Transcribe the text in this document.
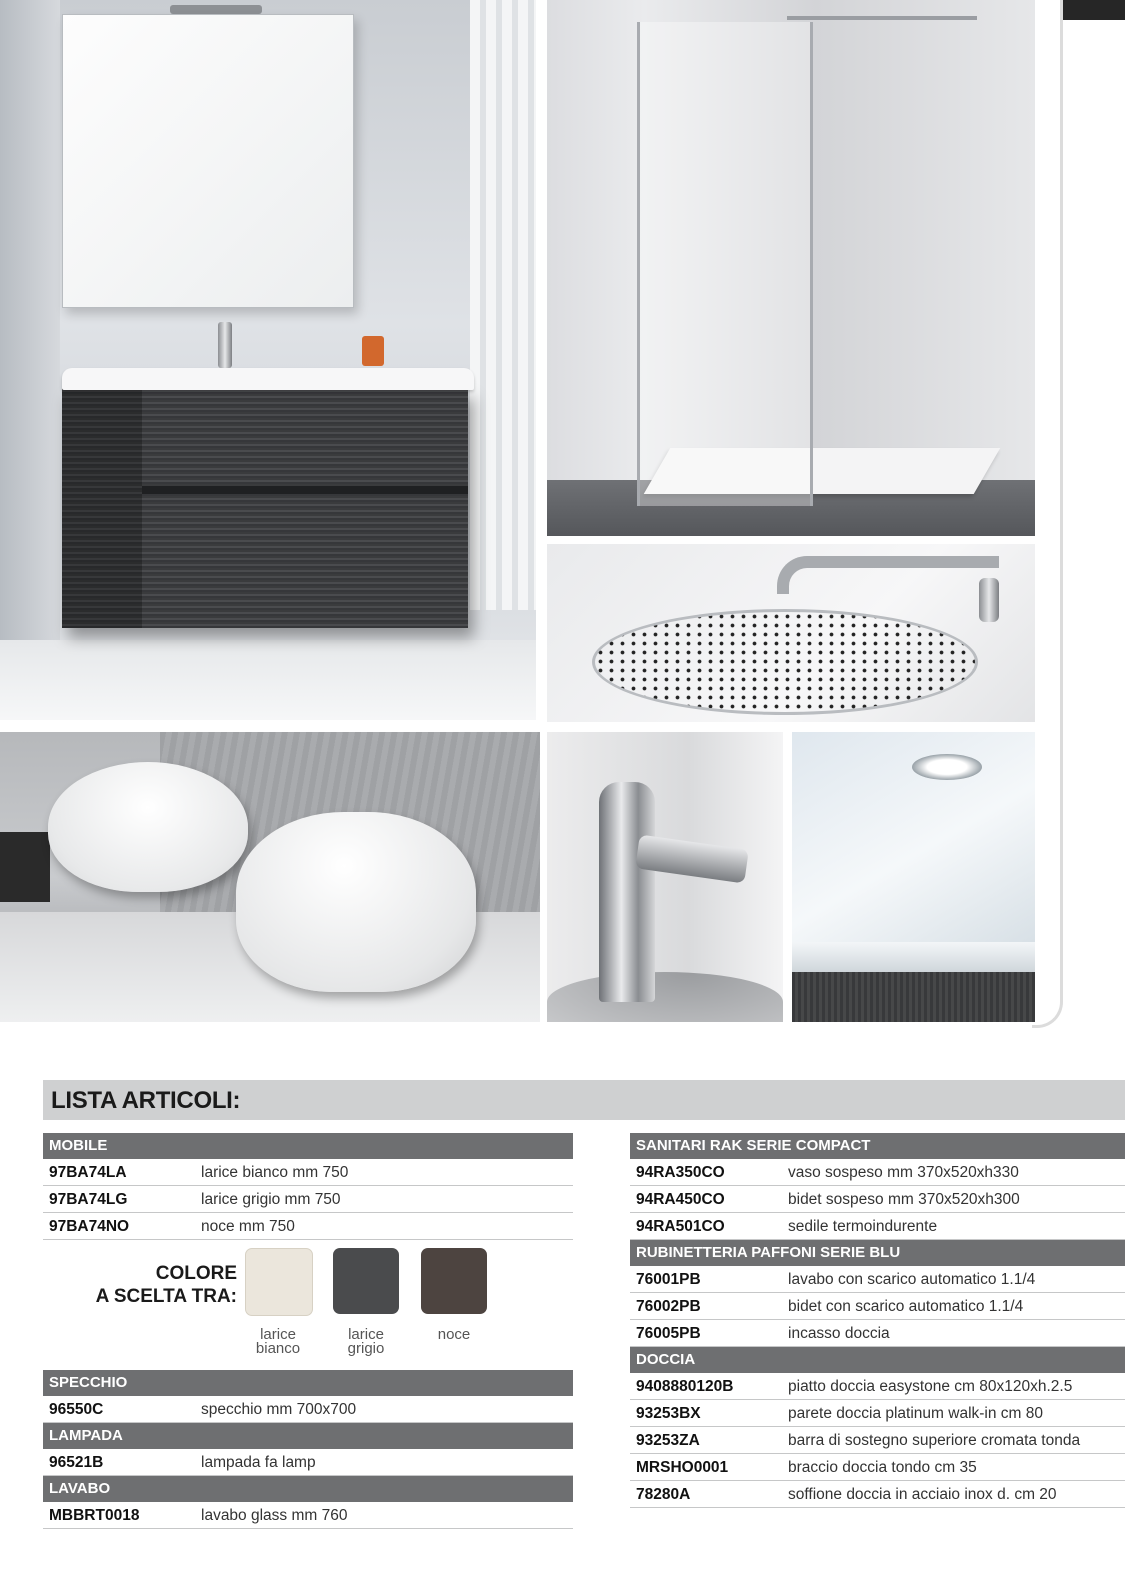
LISTA ARTICOLI:
MOBILE
97BA74LA	larice bianco mm 750
97BA74LG	larice grigio mm 750
97BA74NO	noce mm 750
COLORE
A SCELTA TRA:
larice
bianco
larice
grigio
noce
SPECCHIO
96550C	specchio mm 700x700
LAMPADA
96521B	lampada fa lamp
LAVABO
MBBRT0018	lavabo glass mm 760
SANITARI RAK SERIE COMPACT
94RA350CO	vaso sospeso mm 370x520xh330
94RA450CO	bidet sospeso mm 370x520xh300
94RA501CO	sedile termoindurente
RUBINETTERIA PAFFONI SERIE BLU
76001PB	lavabo con scarico automatico 1.1/4
76002PB	bidet con scarico automatico 1.1/4
76005PB	incasso doccia
DOCCIA
9408880120B	piatto doccia easystone cm 80x120xh.2.5
93253BX	parete doccia platinum walk-in cm 80
93253ZA	barra di sostegno superiore cromata tonda
MRSHO0001	braccio doccia tondo cm 35
78280A	soffione doccia in acciaio inox d. cm 20
